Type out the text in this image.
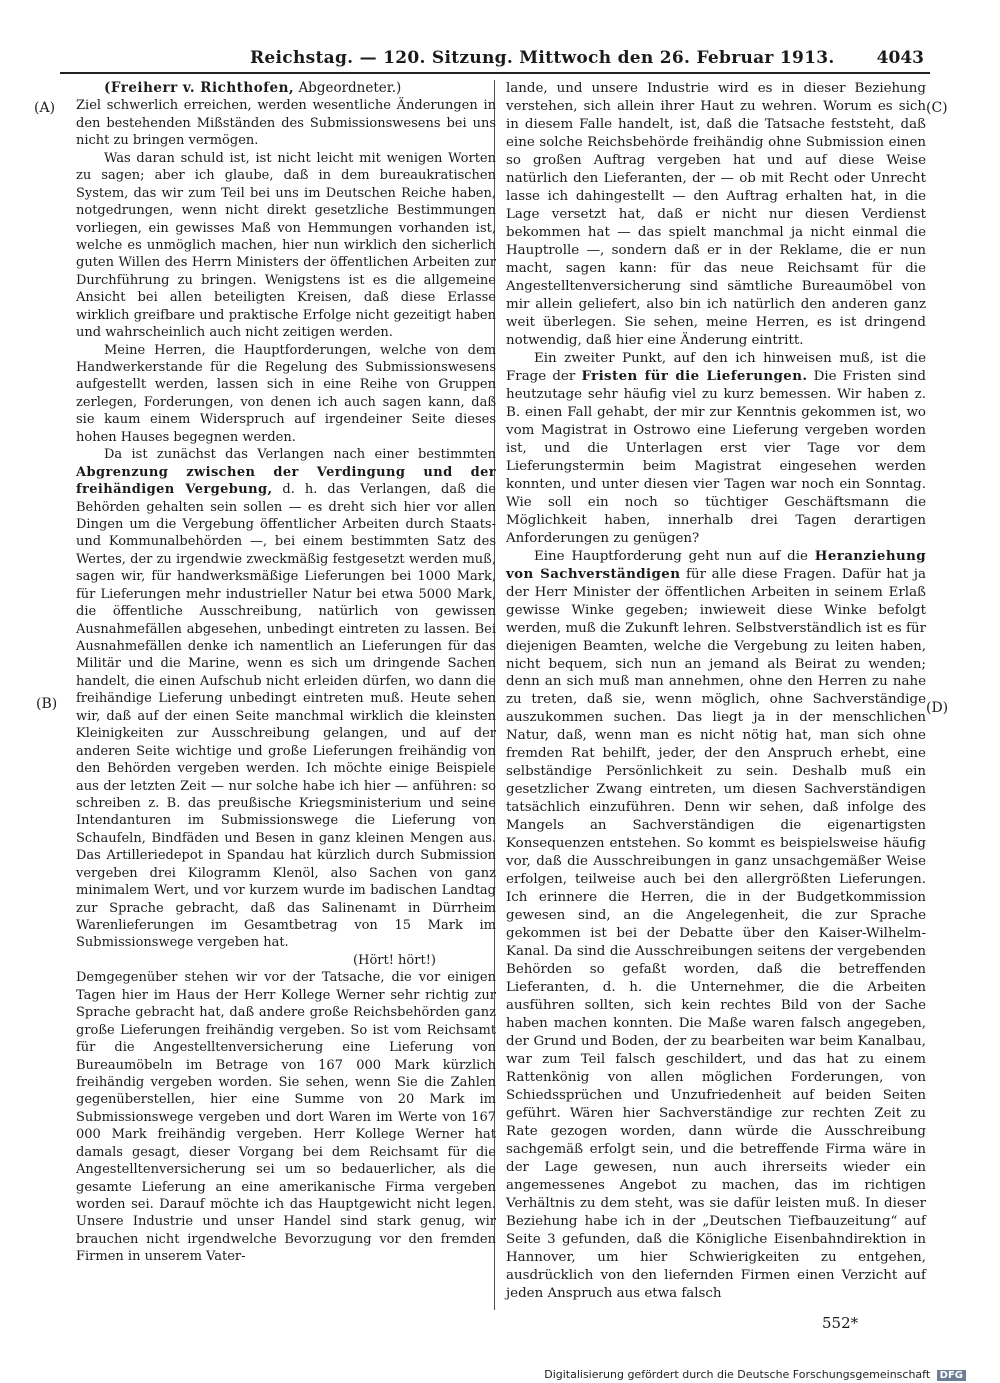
Reichstag. — 120. Sitzung. Mittwoch den 26. Februar 1913. 4043
(A)
(B)
(C)
(D)

(Freiherr v. Richthofen, Abgeordneter.)

Ziel schwerlich erreichen, werden wesentliche Änderungen in den bestehenden Mißständen des Submissionswesens bei uns nicht zu bringen vermögen.

Was daran schuld ist, ist nicht leicht mit wenigen Worten zu sagen; aber ich glaube, daß in dem bureaukratischen System, das wir zum Teil bei uns im Deutschen Reiche haben, notgedrungen, wenn nicht direkt gesetzliche Bestimmungen vorliegen, ein gewisses Maß von Hemmungen vorhanden ist, welche es unmöglich machen, hier nun wirklich den sicherlich guten Willen des Herrn Ministers der öffentlichen Arbeiten zur Durchführung zu bringen. Wenigstens ist es die allgemeine Ansicht bei allen beteiligten Kreisen, daß diese Erlasse wirklich greifbare und praktische Erfolge nicht gezeitigt haben und wahrscheinlich auch nicht zeitigen werden.

Meine Herren, die Hauptforderungen, welche von dem Handwerkerstande für die Regelung des Submissionswesens aufgestellt werden, lassen sich in eine Reihe von Gruppen zerlegen, Forderungen, von denen ich auch sagen kann, daß sie kaum einem Widerspruch auf irgendeiner Seite dieses hohen Hauses begegnen werden.

Da ist zunächst das Verlangen nach einer bestimmten Abgrenzung zwischen der Verdingung und der freihändigen Vergebung, d. h. das Verlangen, daß die Behörden gehalten sein sollen — es dreht sich hier vor allen Dingen um die Vergebung öffentlicher Arbeiten durch Staats- und Kommunalbehörden —, bei einem bestimmten Satz des Wertes, der zu irgendwie zweckmäßig festgesetzt werden muß, sagen wir, für handwerksmäßige Lieferungen bei 1000 Mark, für Lieferungen mehr industrieller Natur bei etwa 5000 Mark, die öffentliche Ausschreibung, natürlich von gewissen Ausnahmefällen abgesehen, unbedingt eintreten zu lassen. Bei Ausnahmefällen denke ich namentlich an Lieferungen für das Militär und die Marine, wenn es sich um dringende Sachen handelt, die einen Aufschub nicht erleiden dürfen, wo dann die freihändige Lieferung unbedingt eintreten muß. Heute sehen wir, daß auf der einen Seite manchmal wirklich die kleinsten Kleinigkeiten zur Ausschreibung gelangen, und auf der anderen Seite wichtige und große Lieferungen freihändig von den Behörden vergeben werden. Ich möchte einige Beispiele aus der letzten Zeit — nur solche habe ich hier — anführen: so schreiben z. B. das preußische Kriegsministerium und seine Intendanturen im Submissionswege die Lieferung von Schaufeln, Bindfäden und Besen in ganz kleinen Mengen aus. Das Artilleriedepot in Spandau hat kürzlich durch Submission vergeben drei Kilogramm Klenöl, also Sachen von ganz minimalem Wert, und vor kurzem wurde im badischen Landtag zur Sprache gebracht, daß das Salinenamt in Dürrheim Warenlieferungen im Gesamtbetrag von 15 Mark im Submissionswege vergeben hat.

(Hört! hört!)

Demgegenüber stehen wir vor der Tatsache, die vor einigen Tagen hier im Haus der Herr Kollege Werner sehr richtig zur Sprache gebracht hat, daß andere große Reichsbehörden ganz große Lieferungen freihändig vergeben. So ist vom Reichsamt für die Angestelltenversicherung eine Lieferung von Bureaumöbeln im Betrage von 167 000 Mark kürzlich freihändig vergeben worden. Sie sehen, wenn Sie die Zahlen gegenüberstellen, hier eine Summe von 20 Mark im Submissionswege vergeben und dort Waren im Werte von 167 000 Mark freihändig vergeben. Herr Kollege Werner hat damals gesagt, dieser Vorgang bei dem Reichsamt für die Angestelltenversicherung sei um so bedauerlicher, als die gesamte Lieferung an eine amerikanische Firma vergeben worden sei. Darauf möchte ich das Hauptgewicht nicht legen. Unsere Industrie und unser Handel sind stark genug, wir brauchen nicht irgendwelche Bevorzugung vor den fremden Firmen in unserem Vater-

lande, und unsere Industrie wird es in dieser Beziehung verstehen, sich allein ihrer Haut zu wehren. Worum es sich in diesem Falle handelt, ist, daß die Tatsache feststeht, daß eine solche Reichsbehörde freihändig ohne Submission einen so großen Auftrag vergeben hat und auf diese Weise natürlich den Lieferanten, der — ob mit Recht oder Unrecht lasse ich dahingestellt — den Auftrag erhalten hat, in die Lage versetzt hat, daß er nicht nur diesen Verdienst bekommen hat — das spielt manchmal ja nicht einmal die Hauptrolle —, sondern daß er in der Reklame, die er nun macht, sagen kann: für das neue Reichsamt für die Angestelltenversicherung sind sämtliche Bureaumöbel von mir allein geliefert, also bin ich natürlich den anderen ganz weit überlegen. Sie sehen, meine Herren, es ist dringend notwendig, daß hier eine Änderung eintritt.

Ein zweiter Punkt, auf den ich hinweisen muß, ist die Frage der Fristen für die Lieferungen. Die Fristen sind heutzutage sehr häufig viel zu kurz bemessen. Wir haben z. B. einen Fall gehabt, der mir zur Kenntnis gekommen ist, wo vom Magistrat in Ostrowo eine Lieferung vergeben worden ist, und die Unterlagen erst vier Tage vor dem Lieferungstermin beim Magistrat eingesehen werden konnten, und unter diesen vier Tagen war noch ein Sonntag. Wie soll ein noch so tüchtiger Geschäftsmann die Möglichkeit haben, innerhalb drei Tagen derartigen Anforderungen zu genügen?

Eine Hauptforderung geht nun auf die Heranziehung von Sachverständigen für alle diese Fragen. Dafür hat ja der Herr Minister der öffentlichen Arbeiten in seinem Erlaß gewisse Winke gegeben; inwieweit diese Winke befolgt werden, muß die Zukunft lehren. Selbstverständlich ist es für diejenigen Beamten, welche die Vergebung zu leiten haben, nicht bequem, sich nun an jemand als Beirat zu wenden; denn an sich muß man annehmen, ohne den Herren zu nahe zu treten, daß sie, wenn möglich, ohne Sachverständige auszukommen suchen. Das liegt ja in der menschlichen Natur, daß, wenn man es nicht nötig hat, man sich ohne fremden Rat behilft, jeder, der den Anspruch erhebt, eine selbständige Persönlichkeit zu sein. Deshalb muß ein gesetzlicher Zwang eintreten, um diesen Sachverständigen tatsächlich einzuführen. Denn wir sehen, daß infolge des Mangels an Sachverständigen die eigenartigsten Konsequenzen entstehen. So kommt es beispielsweise häufig vor, daß die Ausschreibungen in ganz unsachgemäßer Weise erfolgen, teilweise auch bei den allergrößten Lieferungen. Ich erinnere die Herren, die in der Budgetkommission gewesen sind, an die Angelegenheit, die zur Sprache gekommen ist bei der Debatte über den Kaiser-Wilhelm-Kanal. Da sind die Ausschreibungen seitens der vergebenden Behörden so gefaßt worden, daß die betreffenden Lieferanten, d. h. die Unternehmer, die die Arbeiten ausführen sollten, sich kein rechtes Bild von der Sache haben machen konnten. Die Maße waren falsch angegeben, der Grund und Boden, der zu bearbeiten war beim Kanalbau, war zum Teil falsch geschildert, und das hat zu einem Rattenkönig von allen möglichen Forderungen, von Schiedssprüchen und Unzufriedenheit auf beiden Seiten geführt. Wären hier Sachverständige zur rechten Zeit zu Rate gezogen worden, dann würde die Ausschreibung sachgemäß erfolgt sein, und die betreffende Firma wäre in der Lage gewesen, nun auch ihrerseits wieder ein angemessenes Angebot zu machen, das im richtigen Verhältnis zu dem steht, was sie dafür leisten muß. In dieser Beziehung habe ich in der „Deutschen Tiefbauzeitung“ auf Seite 3 gefunden, daß die Königliche Eisenbahndirektion in Hannover, um hier Schwierigkeiten zu entgehen, ausdrücklich von den liefernden Firmen einen Verzicht auf jeden Anspruch aus etwa falsch

552*
Digitalisierung gefördert durch die Deutsche Forschungsgemeinschaft DFG
